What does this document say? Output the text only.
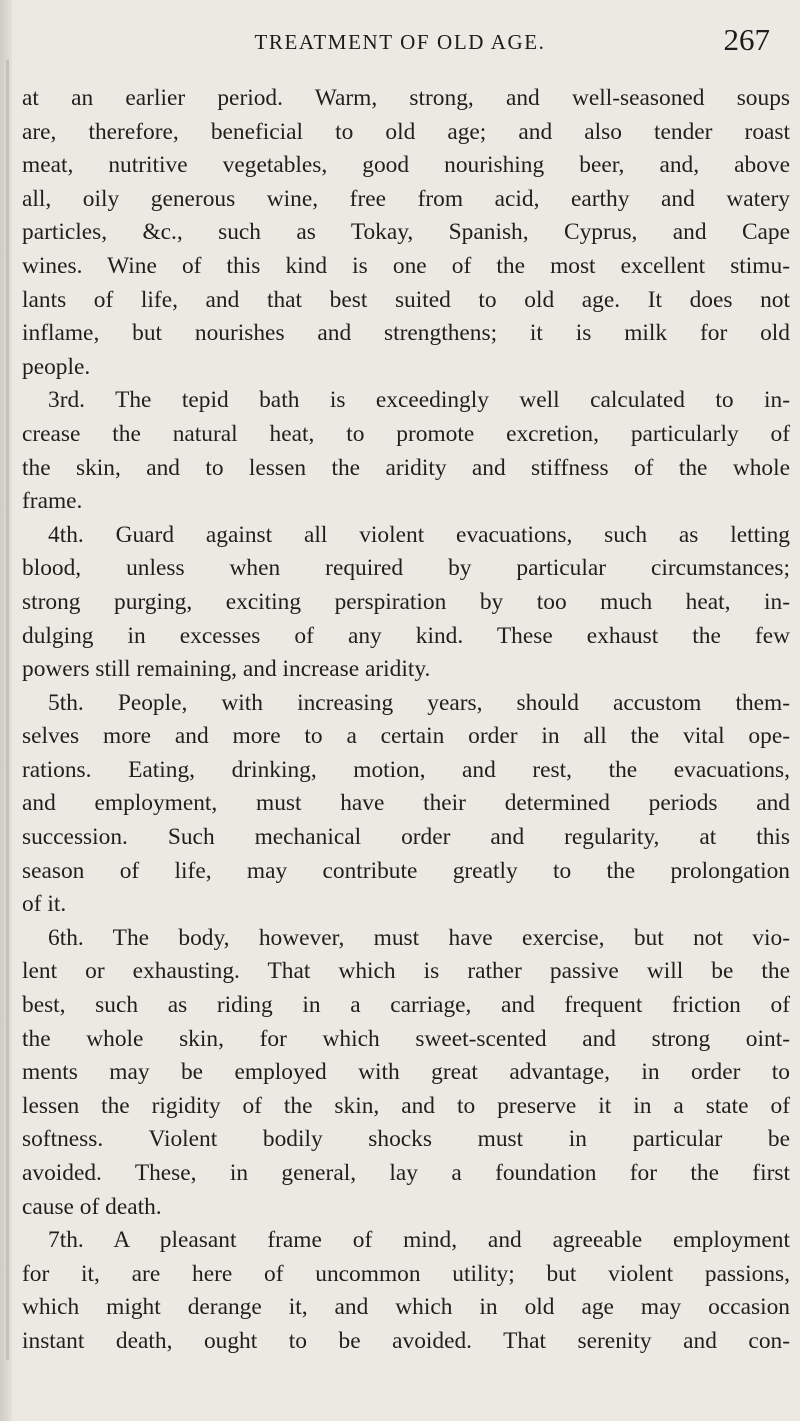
TREATMENT OF OLD AGE.	267
at an earlier period. Warm, strong, and well-seasoned soups
are, therefore, beneficial to old age; and also tender roast
meat, nutritive vegetables, good nourishing beer, and, above
all, oily generous wine, free from acid, earthy and watery
particles, &c., such as Tokay, Spanish, Cyprus, and Cape
wines. Wine of this kind is one of the most excellent stimu-
lants of life, and that best suited to old age. It does not
inflame, but nourishes and strengthens; it is milk for old
people.
3rd. The tepid bath is exceedingly well calculated to in-
crease the natural heat, to promote excretion, particularly of
the skin, and to lessen the aridity and stiffness of the whole
frame.
4th. Guard against all violent evacuations, such as letting
blood, unless when required by particular circumstances;
strong purging, exciting perspiration by too much heat, in-
dulging in excesses of any kind. These exhaust the few
powers still remaining, and increase aridity.
5th. People, with increasing years, should accustom them-
selves more and more to a certain order in all the vital ope-
rations. Eating, drinking, motion, and rest, the evacuations,
and employment, must have their determined periods and
succession. Such mechanical order and regularity, at this
season of life, may contribute greatly to the prolongation
of it.
6th. The body, however, must have exercise, but not vio-
lent or exhausting. That which is rather passive will be the
best, such as riding in a carriage, and frequent friction of
the whole skin, for which sweet-scented and strong oint-
ments may be employed with great advantage, in order to
lessen the rigidity of the skin, and to preserve it in a state of
softness. Violent bodily shocks must in particular be
avoided. These, in general, lay a foundation for the first
cause of death.
7th. A pleasant frame of mind, and agreeable employment
for it, are here of uncommon utility; but violent passions,
which might derange it, and which in old age may occasion
instant death, ought to be avoided. That serenity and con-
